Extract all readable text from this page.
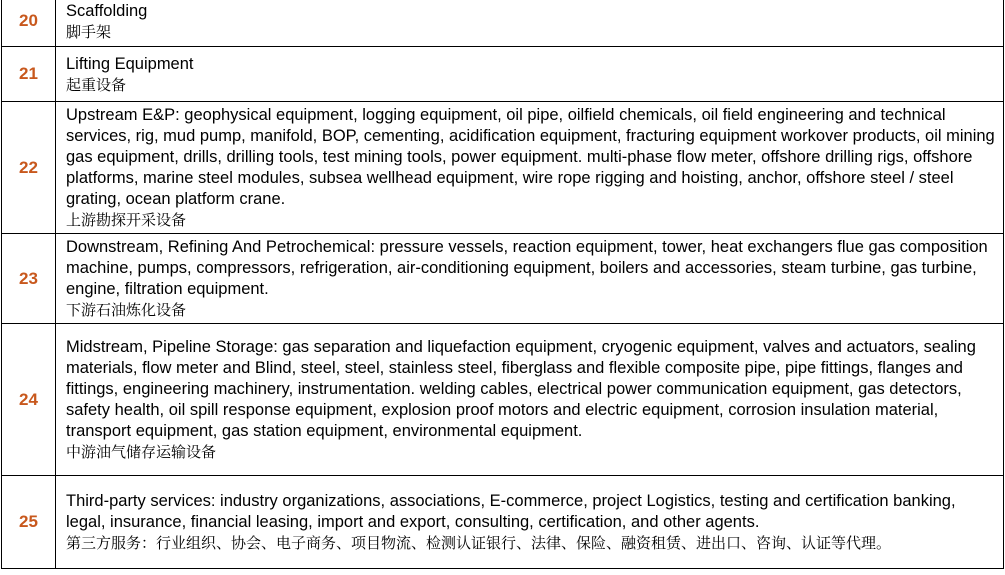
20	Scaffolding
脚手架

21	Lifting Equipment
起重设备

22	Upstream E&P: geophysical equipment, logging equipment, oil pipe, oilfield chemicals, oil field engineering and technical services, rig, mud pump, manifold, BOP, cementing, acidification equipment, fracturing equipment workover products, oil mining gas equipment, drills, drilling tools, test mining tools, power equipment. multi-phase flow meter, offshore drilling rigs, offshore platforms, marine steel modules, subsea wellhead equipment, wire rope rigging and hoisting, anchor, offshore steel / steel grating, ocean platform crane.
上游勘探开采设备

23	Downstream, Refining And Petrochemical: pressure vessels, reaction equipment, tower, heat exchangers flue gas composition machine, pumps, compressors, refrigeration, air-conditioning equipment, boilers and accessories, steam turbine, gas turbine, engine, filtration equipment.
下游石油炼化设备

24	Midstream, Pipeline Storage: gas separation and liquefaction equipment, cryogenic equipment, valves and actuators, sealing materials, flow meter and Blind, steel, steel, stainless steel, fiberglass and flexible composite pipe, pipe fittings, flanges and fittings, engineering machinery, instrumentation. welding cables, electrical power communication equipment, gas detectors, safety health, oil spill response equipment, explosion proof motors and electric equipment, corrosion insulation material, transport equipment, gas station equipment, environmental equipment.
中游油气储存运输设备

25	Third-party services: industry organizations, associations, E-commerce, project Logistics, testing and certification banking, legal, insurance, financial leasing, import and export, consulting, certification, and other agents.
第三方服务：行业组织、协会、电子商务、项目物流、检测认证银行、法律、保险、融资租赁、进出口、咨询、认证等代理。
